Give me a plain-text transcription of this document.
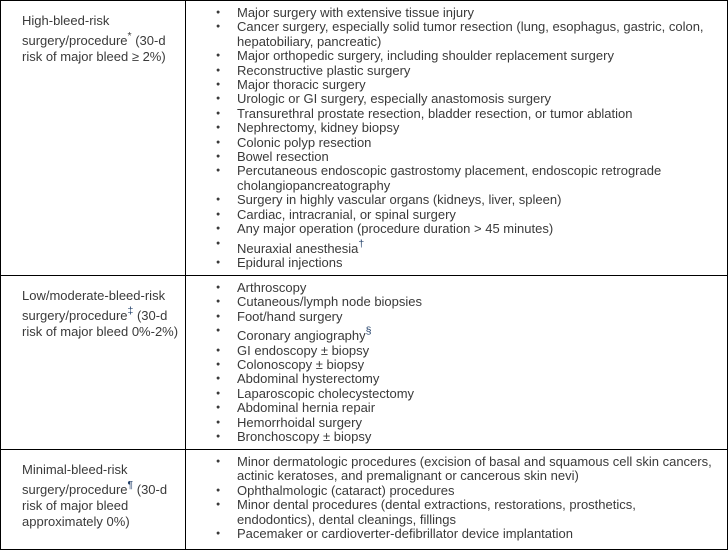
High-bleed-risk surgery/procedure* (30-d risk of major bleed ≥ 2%)

● Major surgery with extensive tissue injury
● Cancer surgery, especially solid tumor resection (lung, esophagus, gastric, colon, hepatobiliary, pancreatic)
● Major orthopedic surgery, including shoulder replacement surgery
● Reconstructive plastic surgery
● Major thoracic surgery
● Urologic or GI surgery, especially anastomosis surgery
● Transurethral prostate resection, bladder resection, or tumor ablation
● Nephrectomy, kidney biopsy
● Colonic polyp resection
● Bowel resection
● Percutaneous endoscopic gastrostomy placement, endoscopic retrograde cholangiopancreatography
● Surgery in highly vascular organs (kidneys, liver, spleen)
● Cardiac, intracranial, or spinal surgery
● Any major operation (procedure duration > 45 minutes)
● Neuraxial anesthesia†
● Epidural injections

Low/moderate-bleed-risk surgery/procedure‡ (30-d risk of major bleed 0%-2%)

● Arthroscopy
● Cutaneous/lymph node biopsies
● Foot/hand surgery
● Coronary angiography§
● GI endoscopy ± biopsy
● Colonoscopy ± biopsy
● Abdominal hysterectomy
● Laparoscopic cholecystectomy
● Abdominal hernia repair
● Hemorrhoidal surgery
● Bronchoscopy ± biopsy

Minimal-bleed-risk surgery/procedure¶ (30-d risk of major bleed approximately 0%)

● Minor dermatologic procedures (excision of basal and squamous cell skin cancers, actinic keratoses, and premalignant or cancerous skin nevi)
● Ophthalmologic (cataract) procedures
● Minor dental procedures (dental extractions, restorations, prosthetics, endodontics), dental cleanings, fillings
● Pacemaker or cardioverter-defibrillator device implantation
